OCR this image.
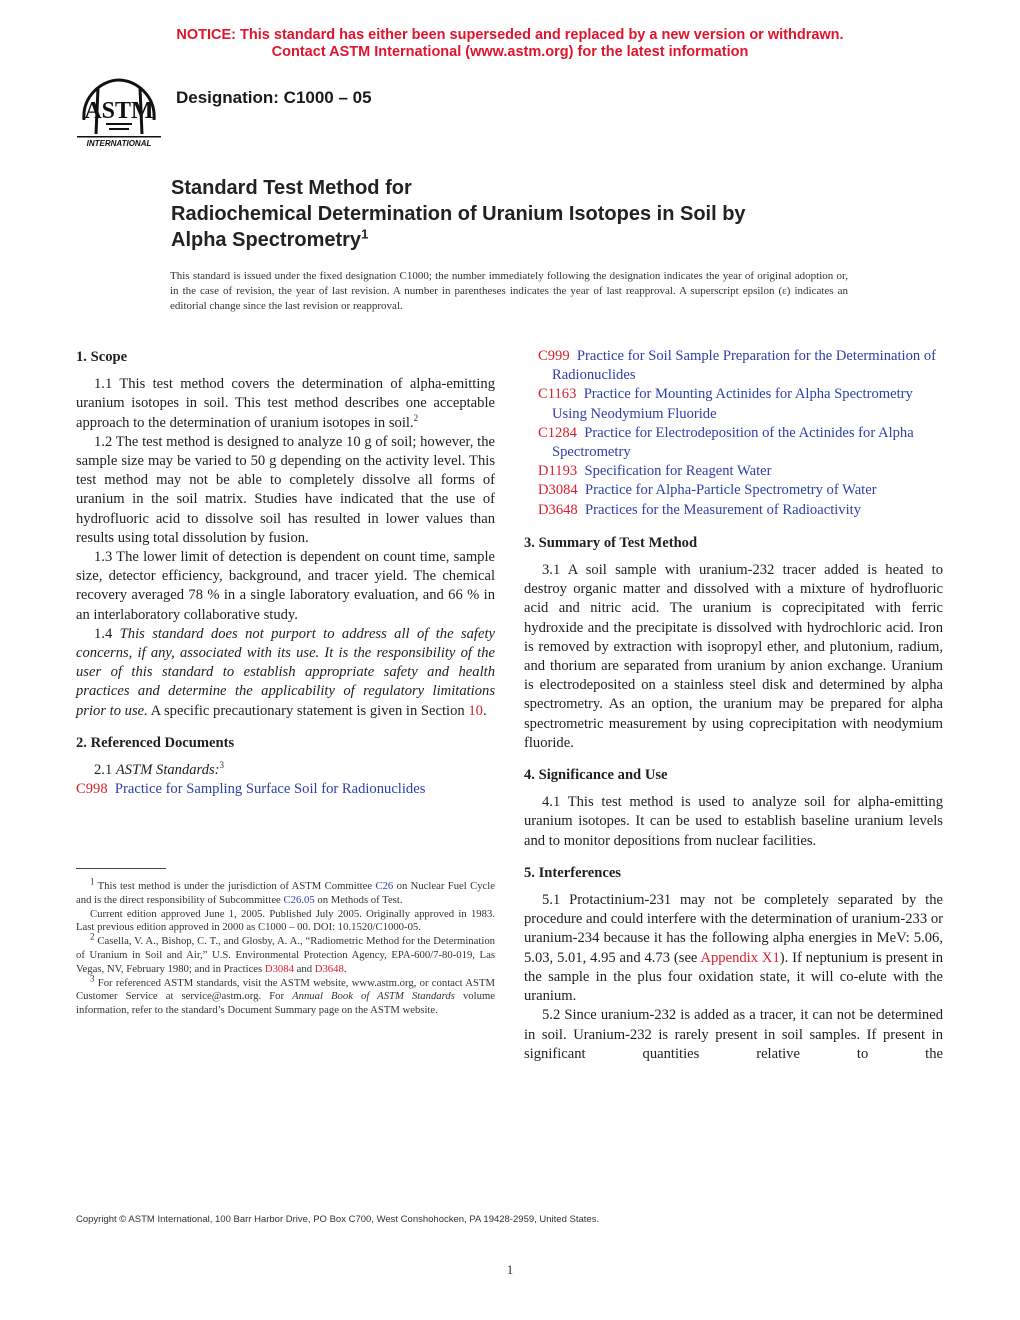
NOTICE: This standard has either been superseded and replaced by a new version or withdrawn.
Contact ASTM International (www.astm.org) for the latest information
ASTM
INTERNATIONAL
Designation: C1000 – 05
Standard Test Method for
Radiochemical Determination of Uranium Isotopes in Soil by
Alpha Spectrometry$^1$
This standard is issued under the fixed designation C1000; the number immediately following the designation indicates the year of original adoption or, in the case of revision, the year of last revision. A number in parentheses indicates the year of last reapproval. A superscript epsilon (ε) indicates an editorial change since the last revision or reapproval.

1. Scope

1.1 This test method covers the determination of alpha-emitting uranium isotopes in soil. This test method describes one acceptable approach to the determination of uranium isotopes in soil.$^2$

1.2 The test method is designed to analyze 10 g of soil; however, the sample size may be varied to 50 g depending on the activity level. This test method may not be able to completely dissolve all forms of uranium in the soil matrix. Studies have indicated that the use of hydrofluoric acid to dissolve soil has resulted in lower values than results using total dissolution by fusion.

1.3 The lower limit of detection is dependent on count time, sample size, detector efficiency, background, and tracer yield. The chemical recovery averaged 78 % in a single laboratory evaluation, and 66 % in an interlaboratory collaborative study.

1.4 This standard does not purport to address all of the safety concerns, if any, associated with its use. It is the responsibility of the user of this standard to establish appropriate safety and health practices and determine the applicability of regulatory limitations prior to use. A specific precautionary statement is given in Section 10.

2. Referenced Documents

2.1 ASTM Standards:$^3$

C998 Practice for Sampling Surface Soil for Radionuclides

$^1$ This test method is under the jurisdiction of ASTM Committee C26 on Nuclear Fuel Cycle and is the direct responsibility of Subcommittee C26.05 on Methods of Test.

Current edition approved June 1, 2005. Published July 2005. Originally approved in 1983. Last previous edition approved in 2000 as C1000 – 00. DOI: 10.1520/C1000-05.

$^2$ Casella, V. A., Bishop, C. T., and Glosby, A. A., “Radiometric Method for the Determination of Uranium in Soil and Air,” U.S. Environmental Protection Agency, EPA-600/7-80-019, Las Vegas, NV, February 1980; and in Practices D3084 and D3648.

$^3$ For referenced ASTM standards, visit the ASTM website, www.astm.org, or contact ASTM Customer Service at service@astm.org. For Annual Book of ASTM Standards volume information, refer to the standard’s Document Summary page on the ASTM website.

C999 Practice for Soil Sample Preparation for the Determination of Radionuclides

C1163 Practice for Mounting Actinides for Alpha Spectrometry Using Neodymium Fluoride

C1284 Practice for Electrodeposition of the Actinides for Alpha Spectrometry

D1193 Specification for Reagent Water

D3084 Practice for Alpha-Particle Spectrometry of Water

D3648 Practices for the Measurement of Radioactivity

3. Summary of Test Method

3.1 A soil sample with uranium-232 tracer added is heated to destroy organic matter and dissolved with a mixture of hydrofluoric acid and nitric acid. The uranium is coprecipitated with ferric hydroxide and the precipitate is dissolved with hydrochloric acid. Iron is removed by extraction with isopropyl ether, and plutonium, radium, and thorium are separated from uranium by anion exchange. Uranium is electrodeposited on a stainless steel disk and determined by alpha spectrometry. As an option, the uranium may be prepared for alpha spectrometric measurement by using coprecipitation with neodymium fluoride.

4. Significance and Use

4.1 This test method is used to analyze soil for alpha-emitting uranium isotopes. It can be used to establish baseline uranium levels and to monitor depositions from nuclear facilities.

5. Interferences

5.1 Protactinium-231 may not be completely separated by the procedure and could interfere with the determination of uranium-233 or uranium-234 because it has the following alpha energies in MeV: 5.06, 5.03, 5.01, 4.95 and 4.73 (see Appendix X1). If neptunium is present in the sample in the plus four oxidation state, it will co-elute with the uranium.

5.2 Since uranium-232 is added as a tracer, it can not be determined in soil. Uranium-232 is rarely present in soil samples. If present in significant quantities relative to the

Copyright © ASTM International, 100 Barr Harbor Drive, PO Box C700, West Conshohocken, PA 19428-2959, United States.
1
